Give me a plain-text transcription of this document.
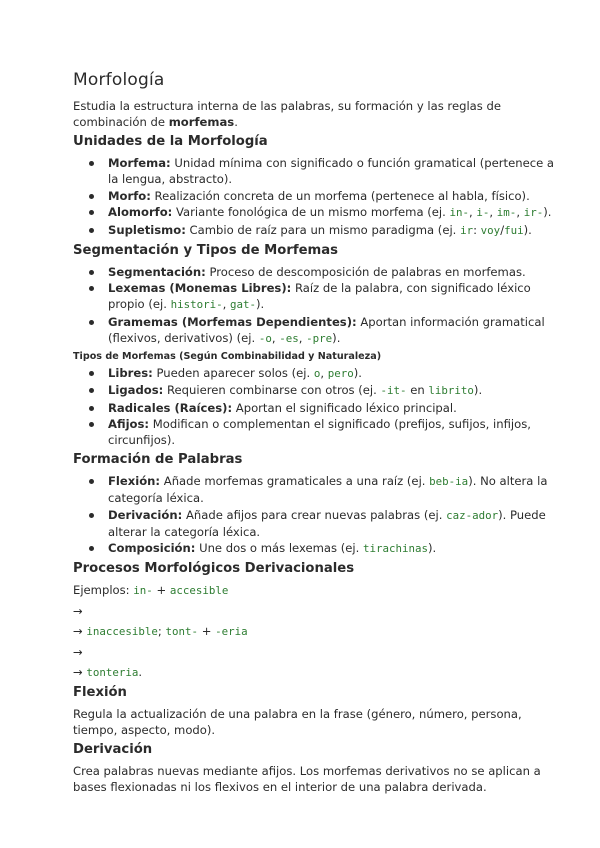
Morfología

Estudia la estructura interna de las palabras, su formación y las reglas de combinación de morfemas.

Unidades de la Morfología
Morfema: Unidad mínima con significado o función gramatical (pertenece a la lengua, abstracto).
Morfo: Realización concreta de un morfema (pertenece al habla, físico).
Alomorfo: Variante fonológica de un mismo morfema (ej. in-, i-, im-, ir-).
Supletismo: Cambio de raíz para un mismo paradigma (ej. ir: voy/fui).
Segmentación y Tipos de Morfemas
Segmentación: Proceso de descomposición de palabras en morfemas.
Lexemas (Monemas Libres): Raíz de la palabra, con significado léxico propio (ej. histori-, gat-).
Gramemas (Morfemas Dependientes): Aportan información gramatical (flexivos, derivativos) (ej. -o, -es, -pre).
Tipos de Morfemas (Según Combinabilidad y Naturaleza)
Libres: Pueden aparecer solos (ej. o, pero).
Ligados: Requieren combinarse con otros (ej. -it- en librito).
Radicales (Raíces): Aportan el significado léxico principal.
Afijos: Modifican o complementan el significado (prefijos, sufijos, infijos, circunfijos).
Formación de Palabras
Flexión: Añade morfemas gramaticales a una raíz (ej. beb-ia). No altera la categoría léxica.
Derivación: Añade afijos para crear nuevas palabras (ej. caz-ador). Puede alterar la categoría léxica.
Composición: Une dos o más lexemas (ej. tirachinas).
Procesos Morfológicos Derivacionales

Ejemplos: in- + accesible

→

→ inaccesible; tont- + -eria

→

→ tonteria.

Flexión

Regula la actualización de una palabra en la frase (género, número, persona, tiempo, aspecto, modo).

Derivación

Crea palabras nuevas mediante afijos. Los morfemas derivativos no se aplican a bases flexionadas ni los flexivos en el interior de una palabra derivada.
